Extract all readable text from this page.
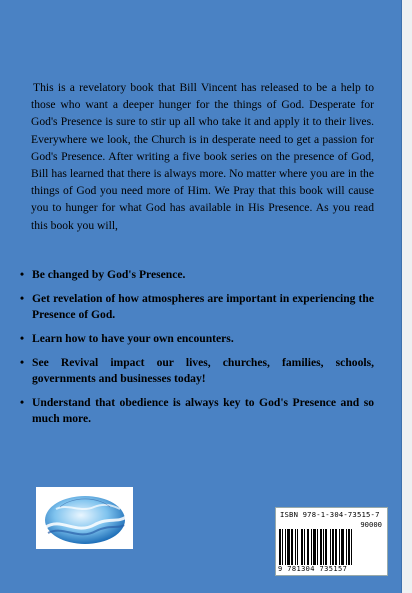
This is a revelatory book that Bill Vincent has released to be a help to those who want a deeper hunger for the things of God. Desperate for God's Presence is sure to stir up all who take it and apply it to their lives. Everywhere we look, the Church is in desperate need to get a passion for God's Presence. After writing a five book series on the presence of God, Bill has learned that there is always more. No matter where you are in the things of God you need more of Him. We Pray that this book will cause you to hunger for what God has available in His Presence. As you read this book you will,

• Be changed by God's Presence.
• Get revelation of how atmospheres are important in experiencing the Presence of God.
• Learn how to have your own encounters.
• See Revival impact our lives, churches, families, schools, governments and businesses today!
• Understand that obedience is always key to God's Presence and so much more.
ISBN 978-1-304-73515-7
90000
9 781304 735157
